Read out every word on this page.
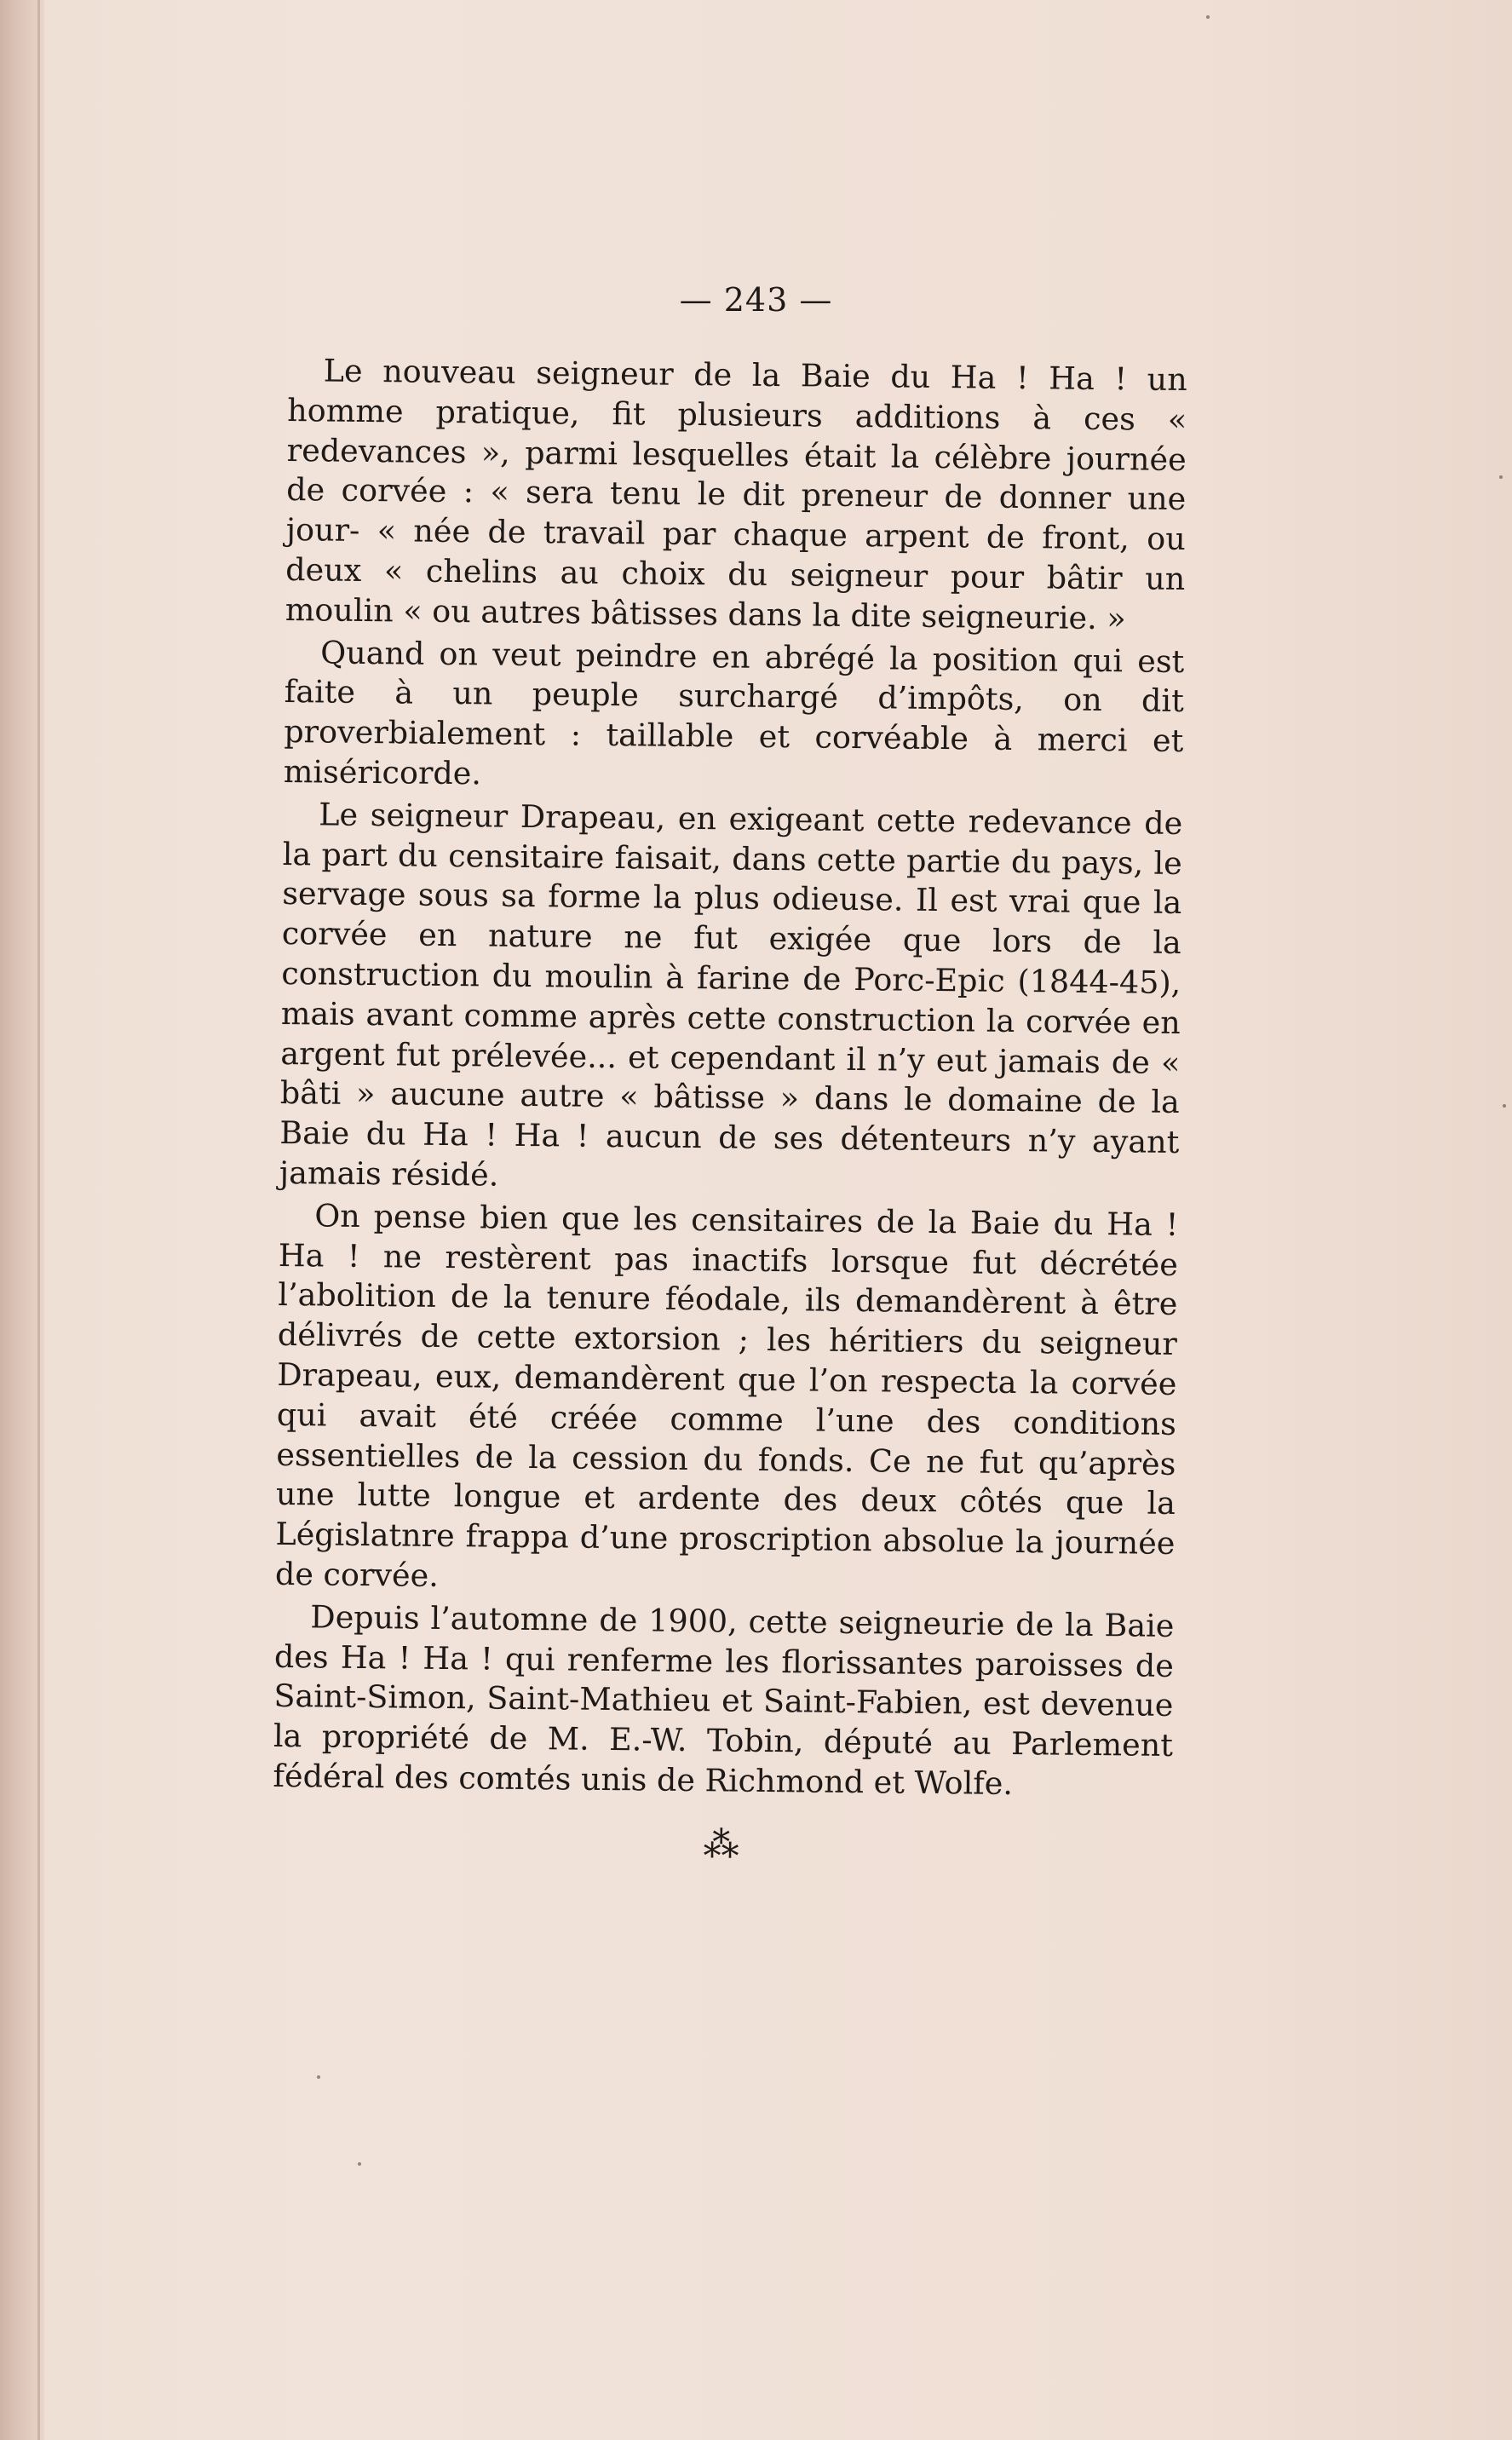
— 243 —

Le nouveau seigneur de la Baie du Ha ! Ha ! un homme pratique, fit plusieurs additions à ces « redevances », parmi lesquelles était la célèbre journée de corvée : « sera tenu le dit preneur de donner une jour- « née de travail par chaque arpent de front, ou deux « chelins au choix du seigneur pour bâtir un moulin « ou autres bâtisses dans la dite seigneurie. »

Quand on veut peindre en abrégé la position qui est faite à un peuple surchargé d’impôts, on dit proverbialement : taillable et corvéable à merci et miséricorde.

Le seigneur Drapeau, en exigeant cette redevance de la part du censitaire faisait, dans cette partie du pays, le servage sous sa forme la plus odieuse. Il est vrai que la corvée en nature ne fut exigée que lors de la construction du moulin à farine de Porc-Epic (1844-45), mais avant comme après cette construction la corvée en argent fut prélevée... et cependant il n’y eut jamais de « bâti » aucune autre « bâtisse » dans le domaine de la Baie du Ha ! Ha ! aucun de ses détenteurs n’y ayant jamais résidé.

On pense bien que les censitaires de la Baie du Ha ! Ha ! ne restèrent pas inactifs lorsque fut décrétée l’abolition de la tenure féodale, ils demandèrent à être délivrés de cette extorsion ; les héritiers du seigneur Drapeau, eux, demandèrent que l’on respecta la corvée qui avait été créée comme l’une des conditions essentielles de la cession du fonds. Ce ne fut qu’après une lutte longue et ardente des deux côtés que la Législatnre frappa d’une proscription absolue la journée de corvée.

Depuis l’automne de 1900, cette seigneurie de la Baie des Ha ! Ha ! qui renferme les florissantes paroisses de Saint-Simon, Saint-Mathieu et Saint-Fabien, est devenue la propriété de M. E.-W. Tobin, député au Parlement fédéral des comtés unis de Richmond et Wolfe.

⁂
